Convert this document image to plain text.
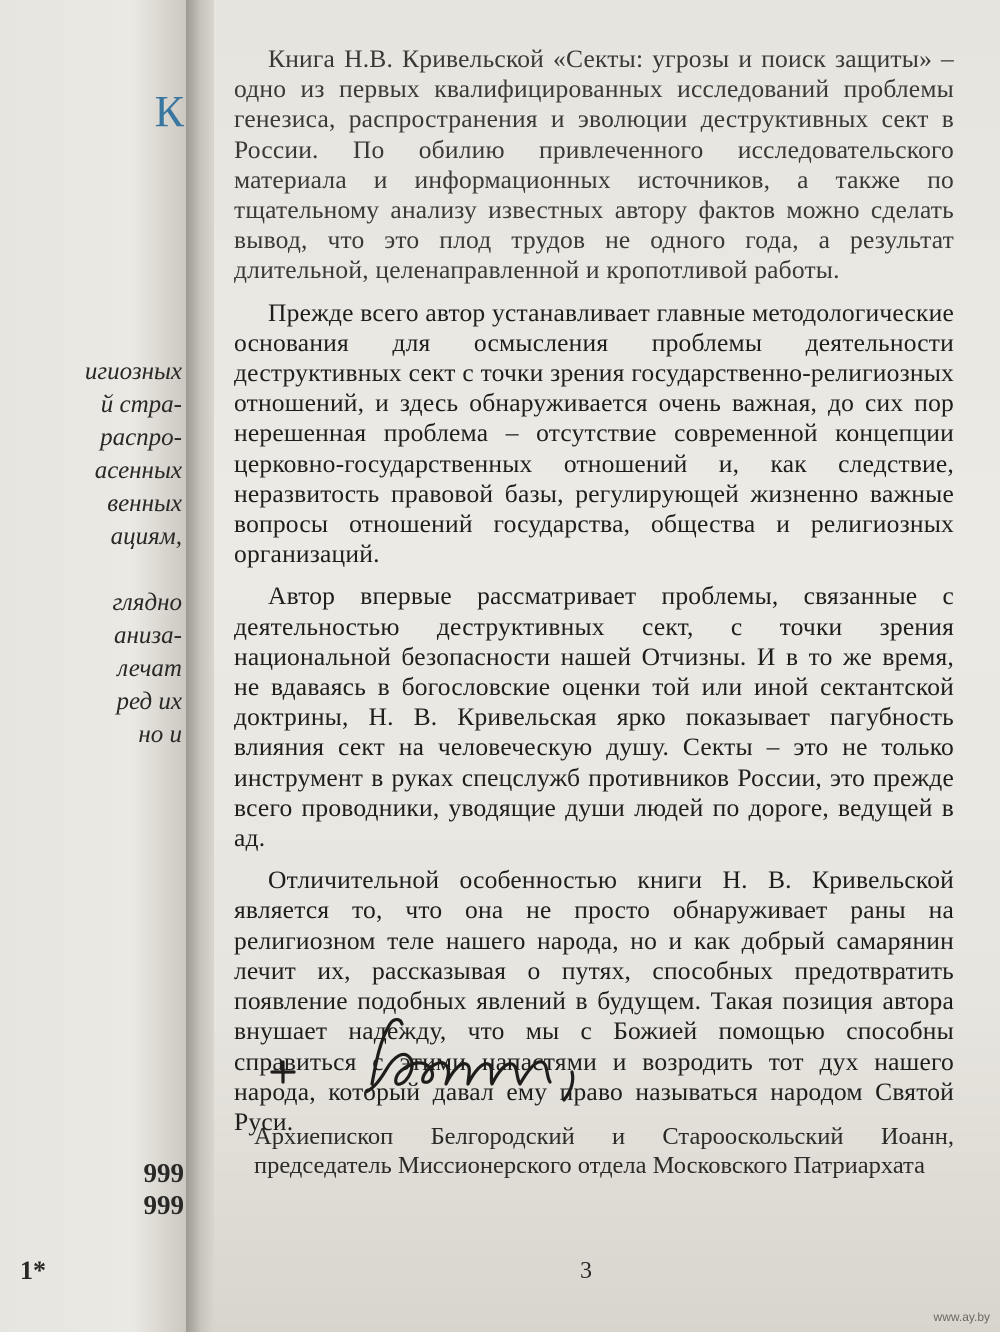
К

игиозных

й стра-

распро-

асенных

венных

ациям,

глядно

аниза-

лечат

ред их

но и

999

999

1*

Книга Н.В. Кривельской «Секты: угрозы и поиск защиты» – одно из первых квалифицированных исследований проблемы генезиса, распространения и эволюции деструктивных сект в России. По обилию привлеченного исследовательского материала и информационных источников, а также по тщательному анализу известных автору фактов можно сделать вывод, что это плод трудов не одного года, а результат длительной, целенаправленной и кропотливой работы.

Прежде всего автор устанавливает главные методологические основания для осмысления проблемы деятельности деструктивных сект с точки зрения государственно-религиозных отношений, и здесь обнаруживается очень важная, до сих пор нерешенная проблема – отсутствие современной концепции церковно-государственных отношений и, как следствие, неразвитость правовой базы, регулирующей жизненно важные вопросы отношений государства, общества и религиозных организаций.

Автор впервые рассматривает проблемы, связанные с деятельностью деструктивных сект, с точки зрения национальной безопасности нашей Отчизны. И в то же время, не вдаваясь в богословские оценки той или иной сектантской доктрины, Н. В. Кривельская ярко показывает пагубность влияния сект на человеческую душу. Секты – это не только инструмент в руках спецслужб противников России, это прежде всего проводники, уводящие души людей по дороге, ведущей в ад.

Отличительной особенностью книги Н. В. Кривельской является то, что она не просто обнаруживает раны на религиозном теле нашего народа, но и как добрый самарянин лечит их, рассказывая о путях, способных предотвратить появление подобных явлений в будущем. Такая позиция автора внушает надежду, что мы с Божией помощью способны справиться с этими напастями и возродить тот дух нашего народа, который давал ему право называться народом Святой Руси.

Архиепископ Белгородский и Старооскольский Иоанн, председатель Миссионерского отдела Московского Патриархата

3

www.ay.by
